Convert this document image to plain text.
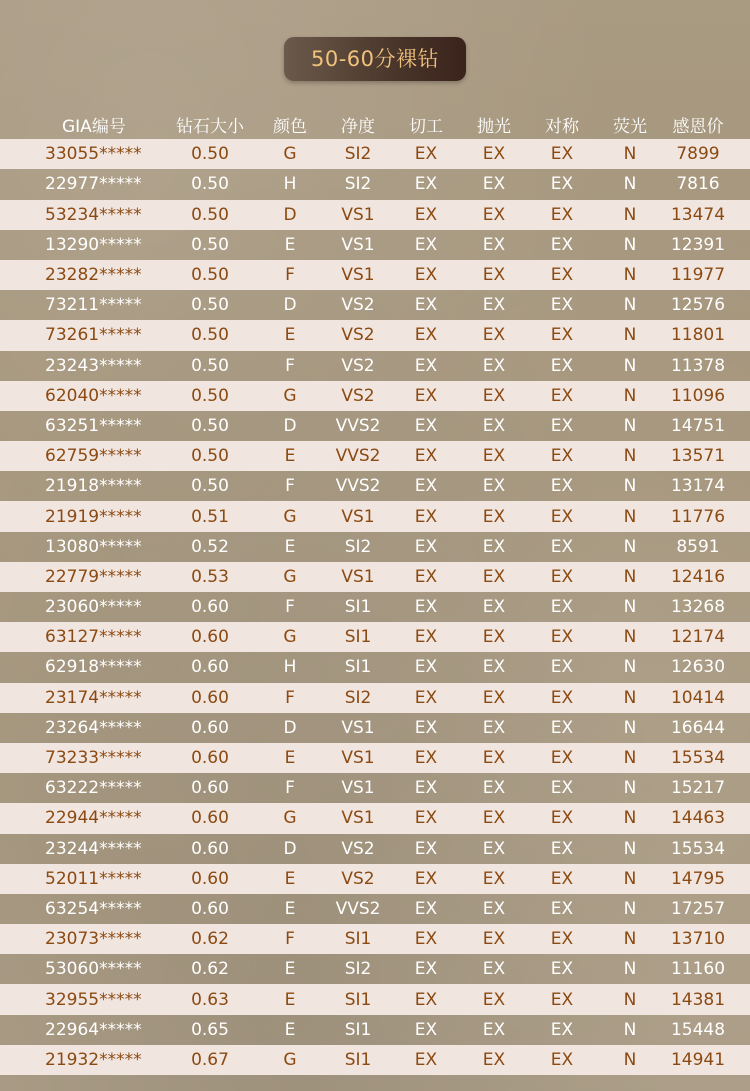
50-60分裸钻
GIA编号	钻石大小	颜色	净度	切工	抛光	对称	荧光	感恩价
33055*****	0.50	G	SI2	EX	EX	EX	N	7899
22977*****	0.50	H	SI2	EX	EX	EX	N	7816
53234*****	0.50	D	VS1	EX	EX	EX	N	13474
13290*****	0.50	E	VS1	EX	EX	EX	N	12391
23282*****	0.50	F	VS1	EX	EX	EX	N	11977
73211*****	0.50	D	VS2	EX	EX	EX	N	12576
73261*****	0.50	E	VS2	EX	EX	EX	N	11801
23243*****	0.50	F	VS2	EX	EX	EX	N	11378
62040*****	0.50	G	VS2	EX	EX	EX	N	11096
63251*****	0.50	D	VVS2	EX	EX	EX	N	14751
62759*****	0.50	E	VVS2	EX	EX	EX	N	13571
21918*****	0.50	F	VVS2	EX	EX	EX	N	13174
21919*****	0.51	G	VS1	EX	EX	EX	N	11776
13080*****	0.52	E	SI2	EX	EX	EX	N	8591
22779*****	0.53	G	VS1	EX	EX	EX	N	12416
23060*****	0.60	F	SI1	EX	EX	EX	N	13268
63127*****	0.60	G	SI1	EX	EX	EX	N	12174
62918*****	0.60	H	SI1	EX	EX	EX	N	12630
23174*****	0.60	F	SI2	EX	EX	EX	N	10414
23264*****	0.60	D	VS1	EX	EX	EX	N	16644
73233*****	0.60	E	VS1	EX	EX	EX	N	15534
63222*****	0.60	F	VS1	EX	EX	EX	N	15217
22944*****	0.60	G	VS1	EX	EX	EX	N	14463
23244*****	0.60	D	VS2	EX	EX	EX	N	15534
52011*****	0.60	E	VS2	EX	EX	EX	N	14795
63254*****	0.60	E	VVS2	EX	EX	EX	N	17257
23073*****	0.62	F	SI1	EX	EX	EX	N	13710
53060*****	0.62	E	SI2	EX	EX	EX	N	11160
32955*****	0.63	E	SI1	EX	EX	EX	N	14381
22964*****	0.65	E	SI1	EX	EX	EX	N	15448
21932*****	0.67	G	SI1	EX	EX	EX	N	14941
